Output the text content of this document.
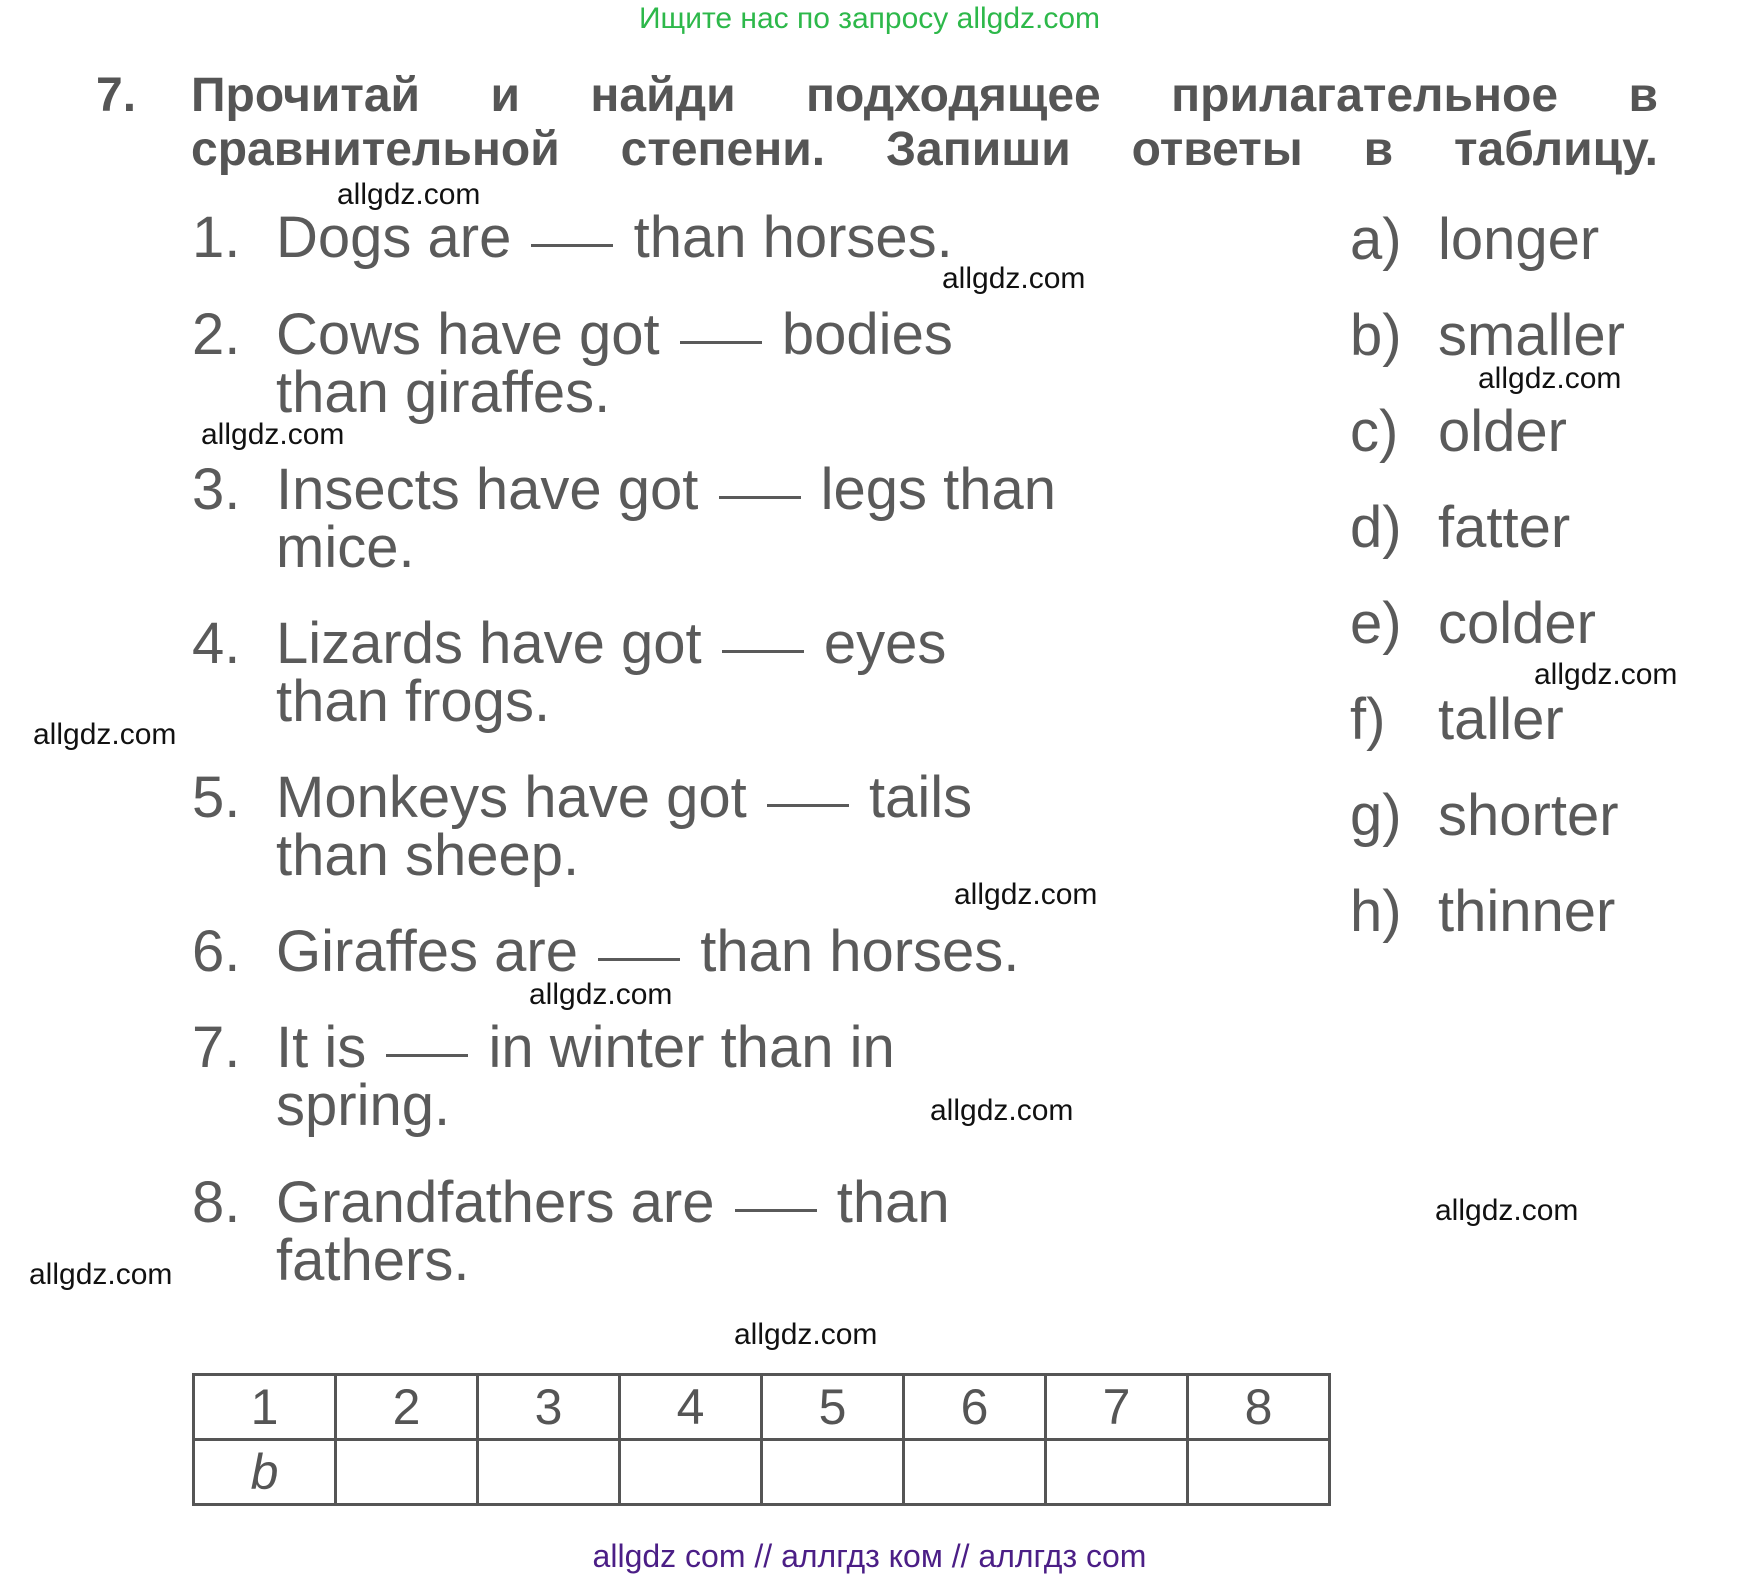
Ищите нас по запросу allgdz.com
7. Прочитай и найди подходящее прилагательное в
сравнительной степени. Запиши ответы в таблицу.
1. Dogs are than horses.
2. Cows have got bodies
than giraffes.
3. Insects have got legs than
mice.
4. Lizards have got eyes
than frogs.
5. Monkeys have got tails
than sheep.
6. Giraffes are than horses.
7. It is in winter than in
spring.
8. Grandfathers are than
fathers.
a) longer
b) smaller
c) older
d) fatter
e) colder
f) taller
g) shorter
h) thinner
1	2	3	4	5	6	7	8
b							
allgdz.com
allgdz.com
allgdz.com
allgdz.com
allgdz.com
allgdz.com
allgdz.com
allgdz.com
allgdz.com
allgdz.com
allgdz.com
allgdz.com
allgdz com // аллгдз ком // аллгдз com
